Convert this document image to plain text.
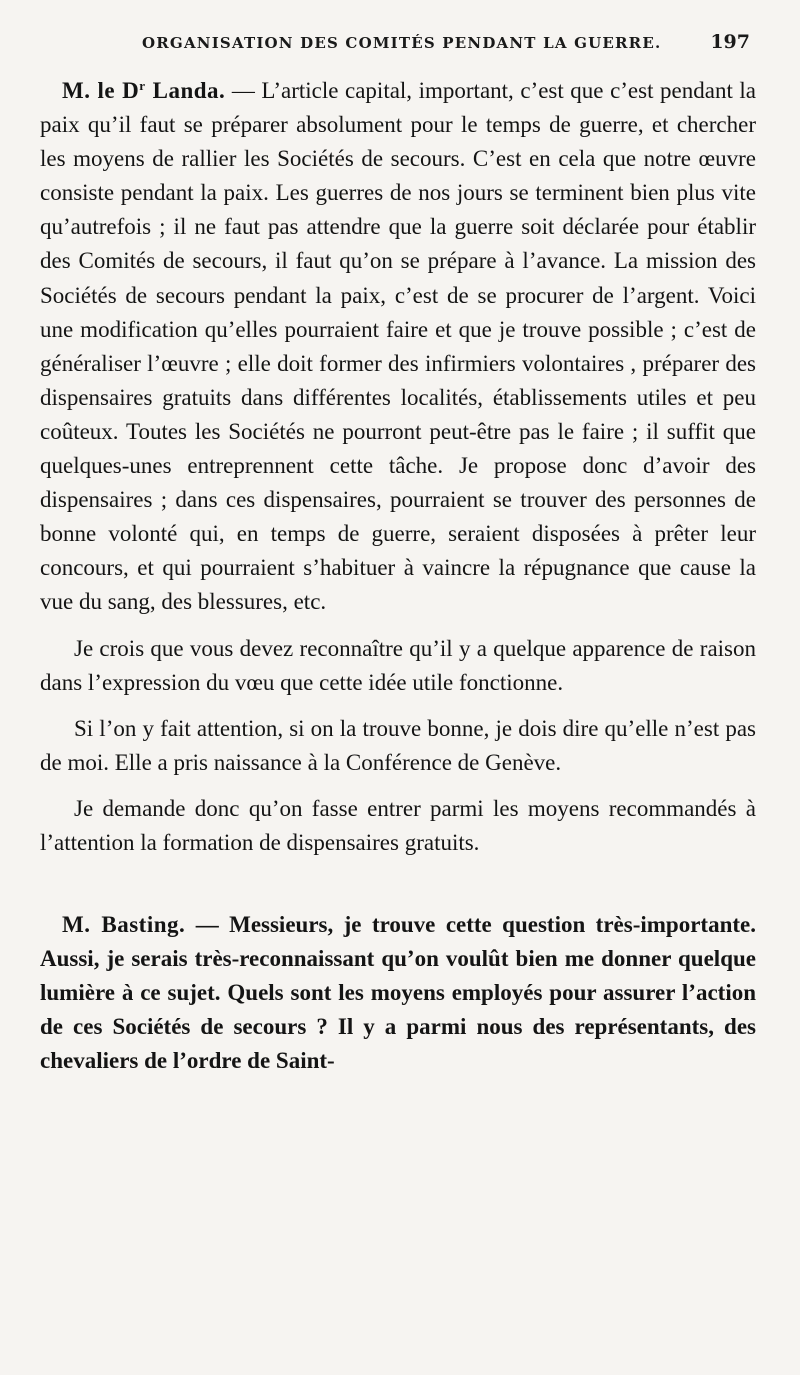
ORGANISATION DES COMITÉS PENDANT LA GUERRE.	197

M. le $D^r$ Landa. — L’article capital, important, c’est que c’est pendant la paix qu’il faut se préparer absolument pour le temps de guerre, et chercher les moyens de rallier les Sociétés de secours. C’est en cela que notre œuvre consiste pendant la paix. Les guerres de nos jours se terminent bien plus vite qu’autrefois ; il ne faut pas attendre que la guerre soit déclarée pour établir des Comités de secours, il faut qu’on se prépare à l’avance. La mission des Sociétés de secours pendant la paix, c’est de se procurer de l’argent. Voici une modification qu’elles pourraient faire et que je trouve possible ; c’est de généraliser l’œuvre ; elle doit former des infirmiers volontaires , préparer des dispensaires gratuits dans différentes localités, établissements utiles et peu coûteux. Toutes les Sociétés ne pourront peut-être pas le faire ; il suffit que quelques-unes entreprennent cette tâche. Je propose donc d’avoir des dispensaires ; dans ces dispensaires, pourraient se trouver des personnes de bonne volonté qui, en temps de guerre, seraient disposées à prêter leur concours, et qui pourraient s’habituer à vaincre la répugnance que cause la vue du sang, des blessures, etc.

Je crois que vous devez reconnaître qu’il y a quelque apparence de raison dans l’expression du vœu que cette idée utile fonctionne.

Si l’on y fait attention, si on la trouve bonne, je dois dire qu’elle n’est pas de moi. Elle a pris naissance à la Conférence de Genève.

Je demande donc qu’on fasse entrer parmi les moyens recommandés à l’attention la formation de dispensaires gratuits.

M. Basting. — Messieurs, je trouve cette question très-importante. Aussi, je serais très-reconnaissant qu’on voulût bien me donner quelque lumière à ce sujet. Quels sont les moyens employés pour assurer l’action de ces Sociétés de secours ? Il y a parmi nous des représentants, des chevaliers de l’ordre de Saint-
